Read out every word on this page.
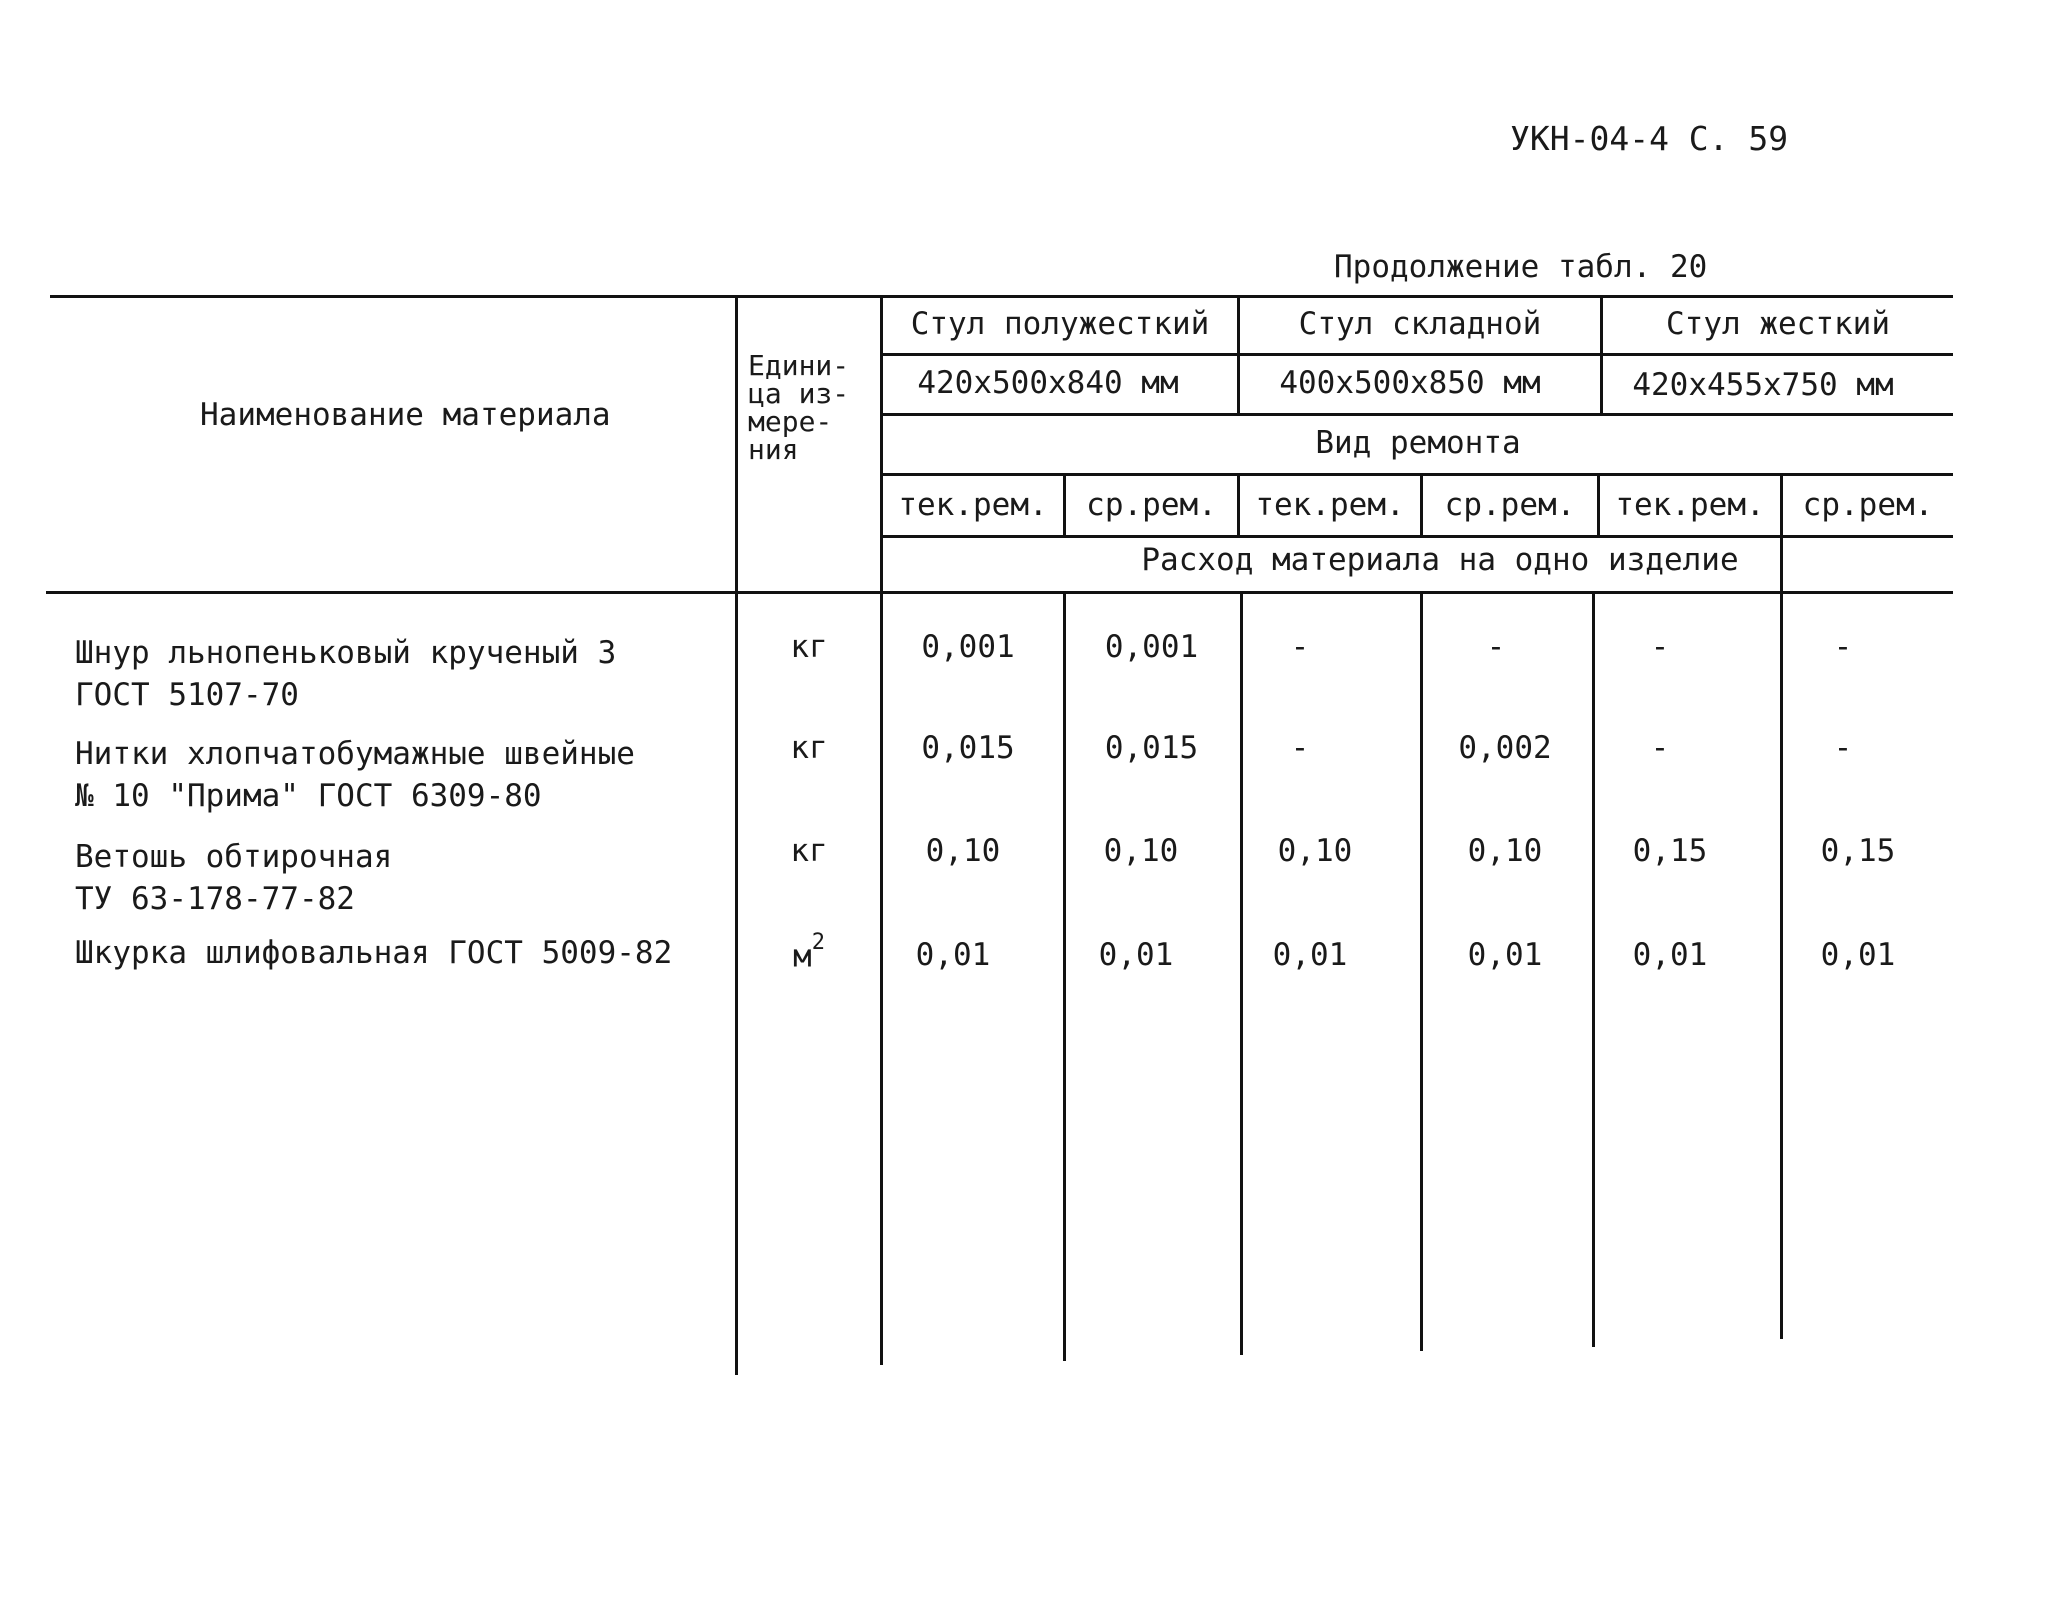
УКН-04-4 С. 59
Продолжение табл. 20
Наименование материала
Едини-
ца из-
мере-
ния
Стул полужесткий	Стул складной	Стул жесткий
420х500х840 мм	400х500х850 мм	420х455х750 мм
Вид ремонта
тек.рем.	ср.рем.	тек.рем.	ср.рем.	тек.рем.	ср.рем.
Расход материала на одно изделие
Шнур льнопеньковый крученый 3
ГОСТ 5107-70
кг	0,001	0,001	-	-	-	-
Нитки хлопчатобумажные швейные
№ 10 "Прима" ГОСТ 6309-80
кг	0,015	0,015	-	0,002	-	-
Ветошь обтирочная
ТУ 63-178-77-82
кг	0,10	0,10	0,10	0,10	0,15	0,15
Шкурка шлифовальная ГОСТ 5009-82	$м^2$	0,01	0,01	0,01	0,01	0,01	0,01
